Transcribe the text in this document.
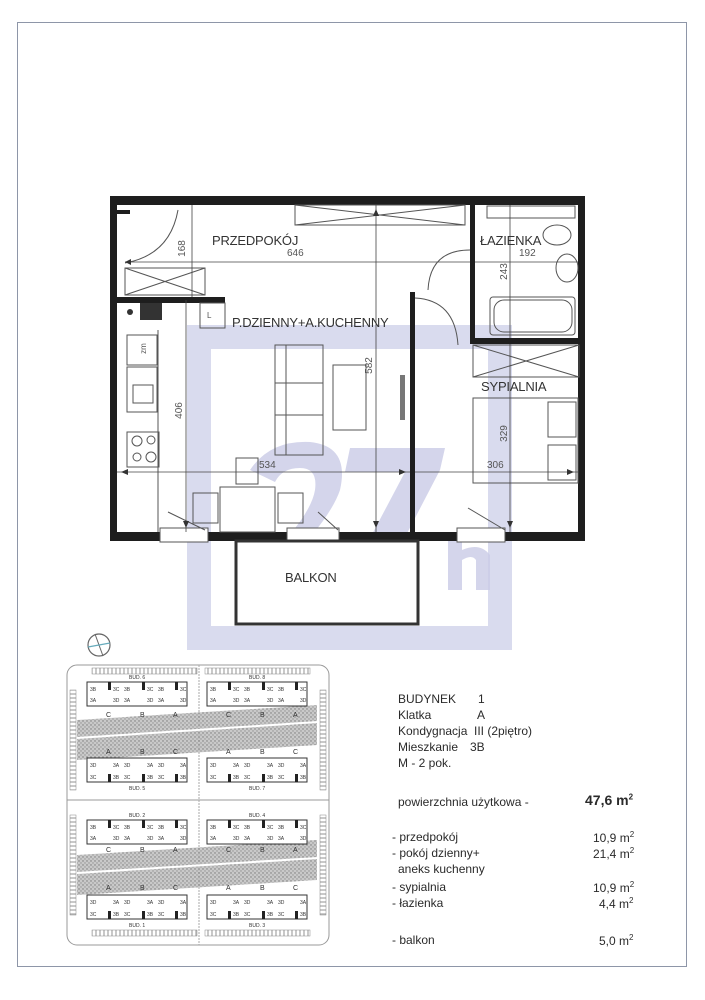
PRZEDPOKÓJ	ŁAZIENKA
P.DZIENNY+A.KUCHENNY
SYPIALNIA
BALKON
646
168	192
243
582
406
534
329
306
zm
L
3B	3C 3B	3C 3B	3C
3A	3D 3A	3D 3A	3D
3B	3C 3B	3C 3B	3C
3A	3D 3A	3D 3A	3D
3D	3A 3D	3A 3D	3A
3C	3B 3C	3B 3C	3B
3D	3A 3D	3A 3D	3A
3C	3B 3C	3B 3C	3B
3B	3C 3B	3C 3B	3C
3A	3D 3A	3D 3A	3D
3B	3C 3B	3C 3B	3C
3A	3D 3A	3D 3A	3D
3D	3A 3D	3A 3D	3A
3C	3B 3C	3B 3C	3B
3D	3A 3D	3A 3D	3A
3C	3B 3C	3B 3C	3B
BUD. 6	BUD. 8
BUD. 5	BUD. 7
BUD. 2	BUD. 4
BUD. 1	BUD. 3
C	B	A	C	B	A
A	B	C	A	B	C
C	B	A	C	B	A
A	B	C	A	B	C
BUDYNEK 1
Klatka	A
Kondygnacja III (2piętro)
Mieszkanie 3B
M - 2 pok.
powierzchnia użytkowa -	47,6 $m^2$
- przedpokój	10,9 $m^2$
- pokój dzienny+
aneks kuchenny
21,4 $m^2$
- sypialnia	10,9 $m^2$
- łazienka	4,4 $m^2$
- balkon	5,0 $m^2$
